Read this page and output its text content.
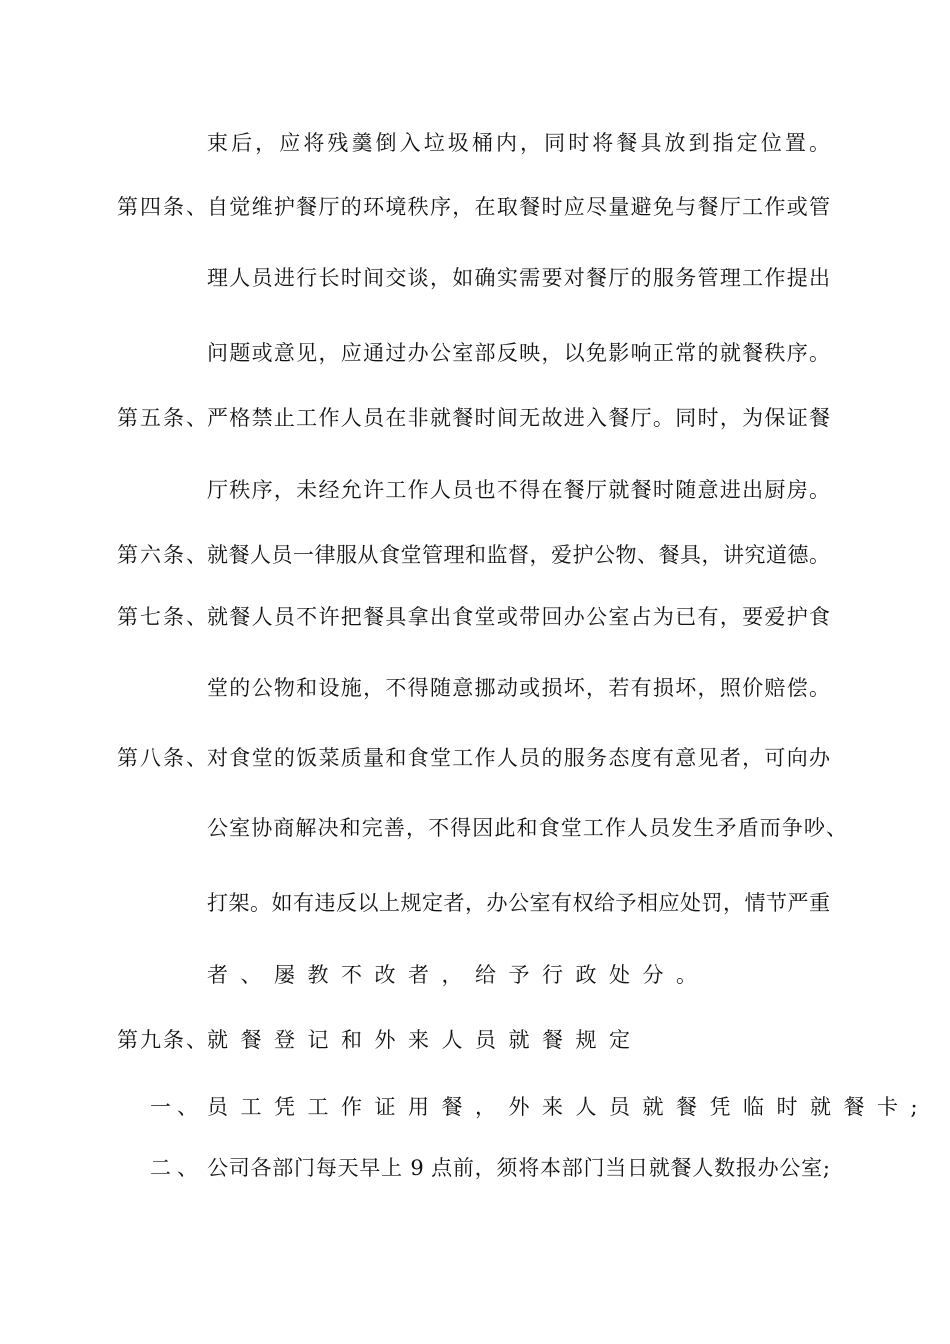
束后，应将残羹倒入垃圾桶内，同时将餐具放到指定位置。
第四条、
自觉维护餐厅的环境秩序，在取餐时应尽量避免与餐厅工作或管
理人员进行长时间交谈，如确实需要对餐厅的服务管理工作提出
问题或意见，应通过办公室部反映，以免影响正常的就餐秩序。
第五条、
严格禁止工作人员在非就餐时间无故进入餐厅。同时，为保证餐
厅秩序，未经允许工作人员也不得在餐厅就餐时随意进出厨房。
第六条、
就餐人员一律服从食堂管理和监督，爱护公物、餐具，讲究道德。
第七条、
就餐人员不许把餐具拿出食堂或带回办公室占为已有，要爱护食
堂的公物和设施，不得随意挪动或损坏，若有损坏，照价赔偿。
第八条、
对食堂的饭菜质量和食堂工作人员的服务态度有意见者，可向办
公室协商解决和完善，不得因此和食堂工作人员发生矛盾而争吵、
打架。如有违反以上规定者，办公室有权给予相应处罚，情节严重
者、屡教不改者，给予行政处分。
第九条、
就餐登记和外来人员就餐规定
一、 员工凭工作证用餐，外来人员就餐凭临时就餐卡;
二、 公司各部门每天早上 9 点前，须将本部门当日就餐人数报办公室;
